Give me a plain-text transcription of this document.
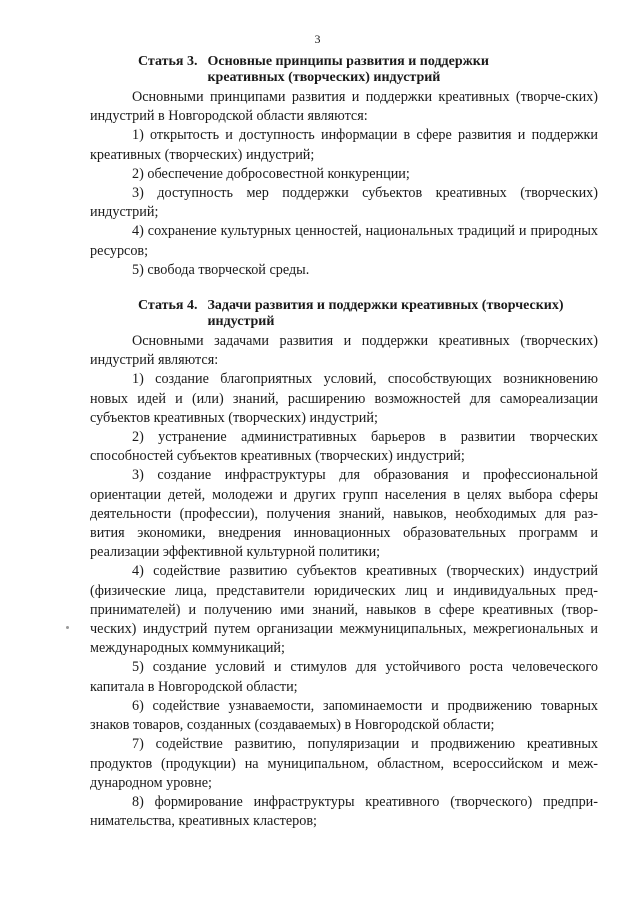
3
Статья 3. Основные принципы развития и поддержки
креативных (творческих) индустрий

Основными принципами развития и поддержки креативных (творче-ских) индустрий в Новгородской области являются:

1) открытость и доступность информации в сфере развития и поддержки креативных (творческих) индустрий;

2) обеспечение добросовестной конкуренции;

3) доступность мер поддержки субъектов креативных (творческих) индустрий;

4) сохранение культурных ценностей, национальных традиций и природных ресурсов;

5) свобода творческой среды.

Статья 4. Задачи развития и поддержки креативных (творческих)
индустрий

Основными задачами развития и поддержки креативных (творческих) индустрий являются:

1) создание благоприятных условий, способствующих возникновению новых идей и (или) знаний, расширению возможностей для самореализации субъектов креативных (творческих) индустрий;

2) устранение административных барьеров в развитии творческих способностей субъектов креативных (творческих) индустрий;

3) создание инфраструктуры для образования и профессиональной ориентации детей, молодежи и других групп населения в целях выбора сферы деятельности (профессии), получения знаний, навыков, необходимых для раз-вития экономики, внедрения инновационных образовательных программ и реализации эффективной культурной политики;

4) содействие развитию субъектов креативных (творческих) индустрий (физические лица, представители юридических лиц и индивидуальных пред-принимателей) и получению ими знаний, навыков в сфере креативных (твор-ческих) индустрий путем организации межмуниципальных, межрегиональных и международных коммуникаций;

5) создание условий и стимулов для устойчивого роста человеческого капитала в Новгородской области;

6) содействие узнаваемости, запоминаемости и продвижению товарных знаков товаров, созданных (создаваемых) в Новгородской области;

7) содействие развитию, популяризации и продвижению креативных продуктов (продукции) на муниципальном, областном, всероссийском и меж-дународном уровне;

8) формирование инфраструктуры креативного (творческого) предпри-нимательства, креативных кластеров;
